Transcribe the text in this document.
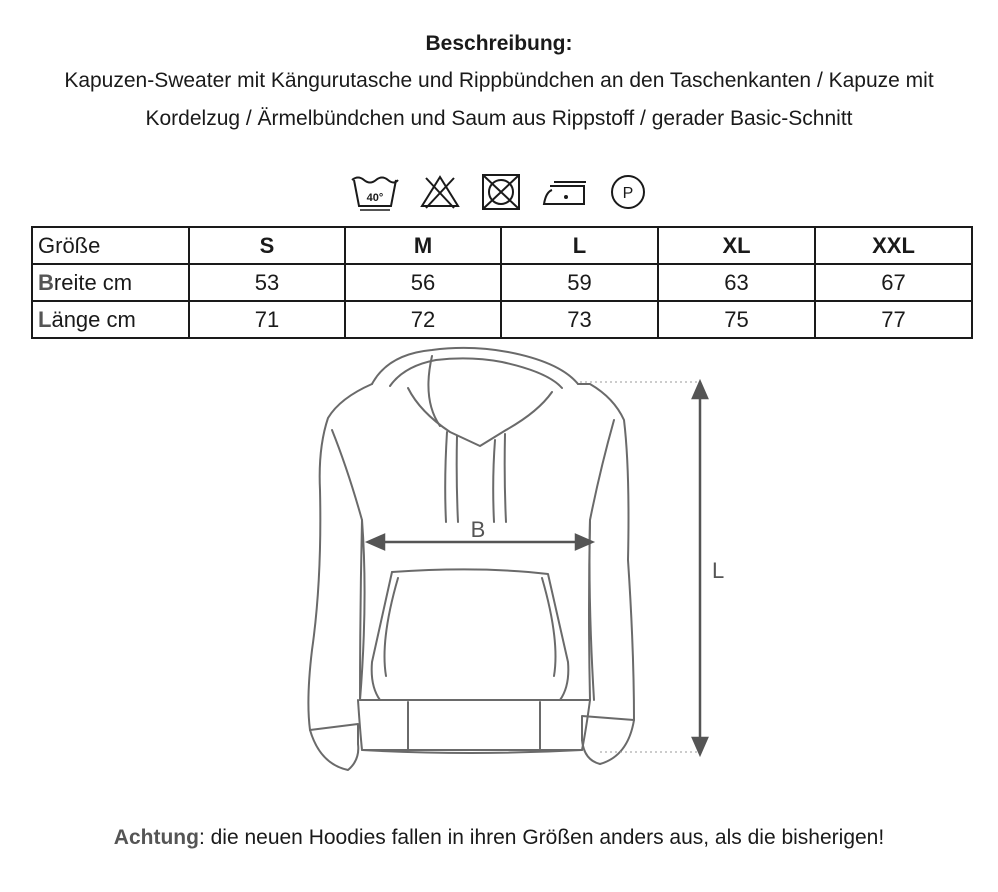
Beschreibung:
Kapuzen-Sweater mit Kängurutasche und Rippbündchen an den Taschenkanten / Kapuze mit Kordelzug / Ärmelbündchen und Saum aus Rippstoff / gerader Basic-Schnitt
40°	P
Größe	S	M	L	XL	XXL
Breite cm	53	56	59	63	67
Länge cm	71	72	73	75	77
B
L
Achtung: die neuen Hoodies fallen in ihren Größen anders aus, als die bisherigen!
